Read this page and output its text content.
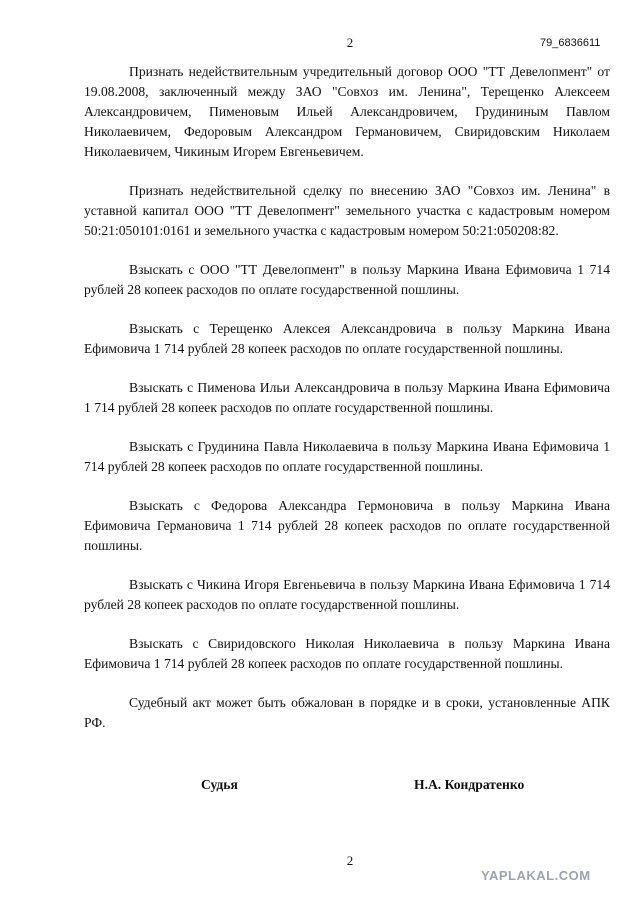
2	79_6836611

Признать недействительным учредительный договор ООО "ТТ Девелопмент" от 19.08.2008, заключенный между ЗАО "Совхоз им. Ленина", Терещенко Алексеем Александровичем, Пименовым Ильей Александровичем, Грудининым Павлом Николаевичем, Федоровым Александром Германовичем, Свиридовским Николаем Николаевичем, Чикиным Игорем Евгеньевичем.

Признать недействительной сделку по внесению ЗАО "Совхоз им. Ленина" в уставной капитал ООО "ТТ Девелопмент" земельного участка с кадастровым номером 50:21:050101:0161 и земельного участка с кадастровым номером 50:21:050208:82.

Взыскать с ООО "ТТ Девелопмент" в пользу Маркина Ивана Ефимовича 1 714 рублей 28 копеек расходов по оплате государственной пошлины.

Взыскать с Терещенко Алексея Александровича в пользу Маркина Ивана Ефимовича 1 714 рублей 28 копеек расходов по оплате государственной пошлины.

Взыскать с Пименова Ильи Александровича в пользу Маркина Ивана Ефимовича 1 714 рублей 28 копеек расходов по оплате государственной пошлины.

Взыскать с Грудинина Павла Николаевича в пользу Маркина Ивана Ефимовича 1 714 рублей 28 копеек расходов по оплате государственной пошлины.

Взыскать с Федорова Александра Гермоновича в пользу Маркина Ивана Ефимовича Германовича 1 714 рублей 28 копеек расходов по оплате государственной пошлины.

Взыскать с Чикина Игоря Евгеньевича в пользу Маркина Ивана Ефимовича 1 714 рублей 28 копеек расходов по оплате государственной пошлины.

Взыскать с Свиридовского Николая Николаевича в пользу Маркина Ивана Ефимовича 1 714 рублей 28 копеек расходов по оплате государственной пошлины.

Судебный акт может быть обжалован в порядке и в сроки, установленные АПК РФ.

Судья	Н.А. Кондратенко
2
YAPLAKAL.COM
